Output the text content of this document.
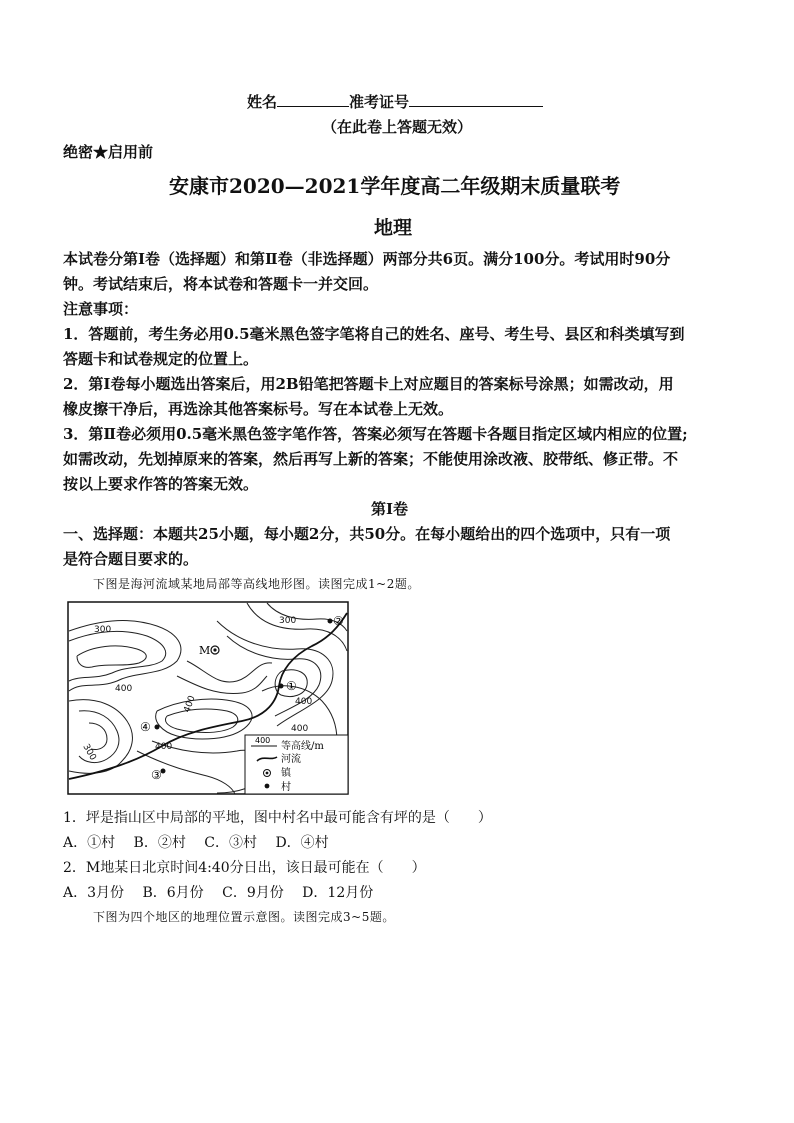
姓名	准考证号
（在此卷上答题无效）
绝密★启用前
安康市2020—2021学年度高二年级期末质量联考
地理
本试卷分第I卷（选择题）和第Ⅱ卷（非选择题）两部分共6页。满分100分。考试用时90分
钟。考试结束后，将本试卷和答题卡一并交回。
注意事项：
1．答题前，考生务必用0.5毫米黑色签字笔将自己的姓名、座号、考生号、县区和科类填写到
答题卡和试卷规定的位置上。
2．第I卷每小题选出答案后，用2B铅笔把答题卡上对应题目的答案标号涂黑；如需改动，用
橡皮擦干净后，再选涂其他答案标号。写在本试卷上无效。
3．第Ⅱ卷必须用0.5毫米黑色签字笔作答，答案必须写在答题卡各题目指定区域内相应的位置;
如需改动，先划掉原来的答案，然后再写上新的答案；不能使用涂改液、胶带纸、修正带。不
按以上要求作答的答案无效。
第I卷
一、选择题：本题共25小题，每小题2分，共50分。在每小题给出的四个选项中，只有一项
是符合题目要求的。
下图是海河流域某地局部等高线地形图。读图完成1~2题。
M
①
②
③
④
300
300
400
400
400	400
300
400
400
等高线/m
河流
镇
村
1．坪是指山区中局部的平地，图中村名中最可能含有坪的是（　　）
A．①村　 B．②村　 C．③村　 D．④村
2．M地某日北京时间4:40分日出，该日最可能在（　　）
A．3月份　 B．6月份　 C．9月份　 D．12月份
下图为四个地区的地理位置示意图。读图完成3~5题。
